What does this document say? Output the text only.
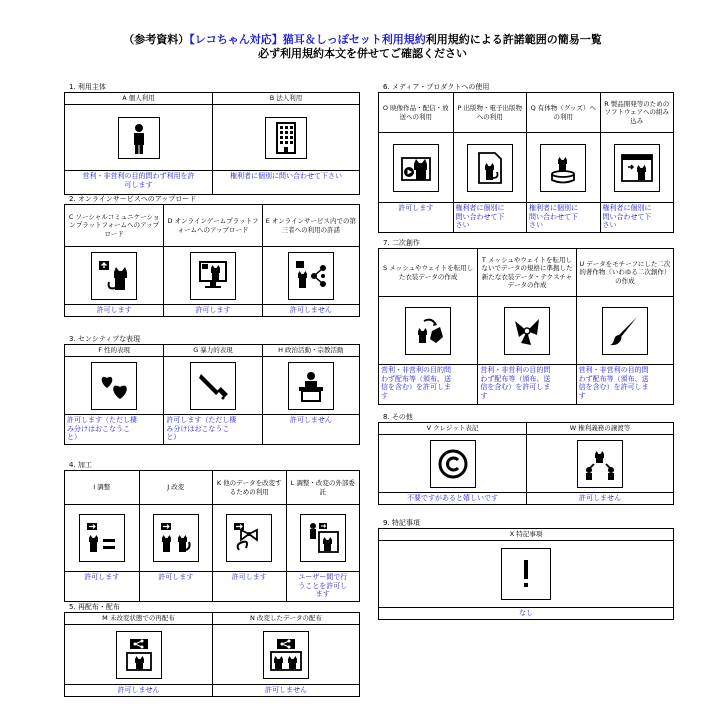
（参考資料）【レコちゃん対応】猫耳＆しっぽセット利用規約利用規約による許諾範囲の簡易一覧
必ず利用規約本文を併せてご確認ください
1. 利用主体
A 個人利用
営利・非営利の目的問わず利用を許
可します
B 法人利用
権利者に個別に問い合わせて下さい
2. オンラインサービスへのアップロード
C ソーシャルコミュニケーションプラットフォームへのアップロード
許可します
D オンラインゲームプラットフォームへのアップロード
許可します
E オンラインサービス内での第三者への利用の許諾
許可しません
3. センシティブな表現
F 性的表現
許可します（ただし棲
み分けはおこなうこ
と）
G 暴力的表現
許可します（ただし棲
み分けはおこなうこ
と）
H 政治活動・宗教活動
許可しません
4. 加工
I 調整
許可します
J 改変
許可します
K 他のデータを改変するための利用
許可します
L 調整・改変の外部委託
ユーザー間で行
うことを許可し
ます
5. 再配布・配布
M 未改変状態での再配布
許可しません
N 改変したデータの配布
許可しません
6. メディア・プロダクトへの使用
O 映像作品・配信・放送への利用
許可します
P 出版物・電子出版物への利用
権利者に個別に
問い合わせて下
さい
Q 有体物（グッズ）への利用
権利者に個別に
問い合わせて下
さい
R 製品開発等のためのソフトウェアへの組み込み
権利者に個別に
問い合わせて下
さい
7. 二次創作
S メッシュやウェイトを転用した衣装データの作成
営利・非営利の目的問
わず配布等（頒布、送
信を含む）を許可しま
す
T メッシュやウェイトを転用しないでデータの規格に準拠した新たな衣装データ・テクスチャデータの作成
営利・非営利の目的問
わず配布等（頒布、送
信を含む）を許可しま
す
U データをモチーフにした二次的著作物（いわゆる二次創作）の作成
営利・非営利の目的問
わず配布等（頒布、送
信を含む）を許可しま
す
8. その他
V クレジット表記
不要ですがあると嬉しいです
W 権利義務の譲渡等
許可しません
9. 特記事項
X 特記事項
なし
